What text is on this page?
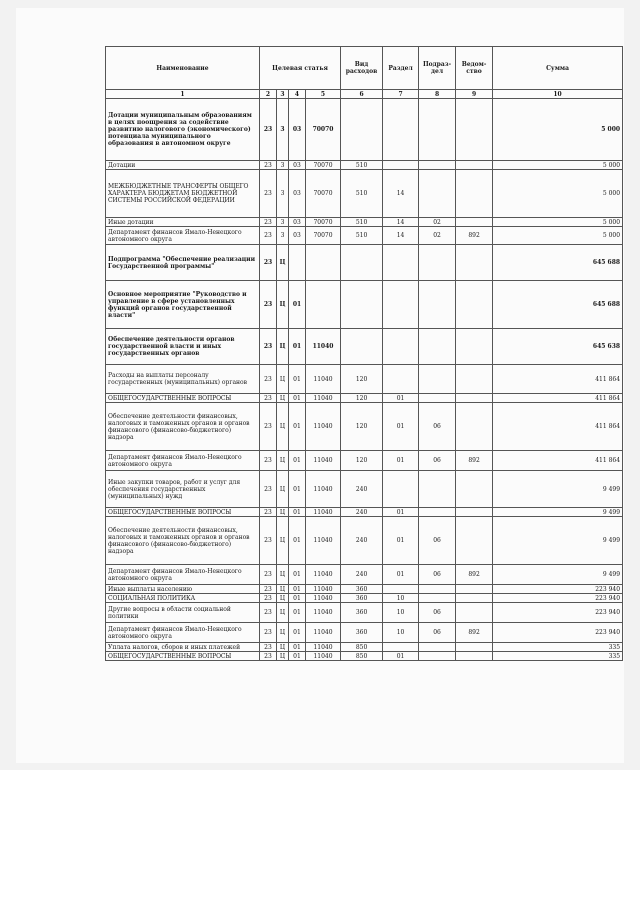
Наименование	Целевая статья				Вид расходов	Раздел	Подраз-дел	Ведом-ство	Сумма
1	2	3	4	5	6	7	8	9	10
Дотации муниципальным образованиям в целях поощрения за содействие развитию налогового (экономического) потенциала муниципального образования в автономном округе	23	3	03	70070					5 000
Дотации	23	3	03	70070	510				5 000
МЕЖБЮДЖЕТНЫЕ ТРАНСФЕРТЫ ОБЩЕГО ХАРАКТЕРА БЮДЖЕТАМ БЮДЖЕТНОЙ СИСТЕМЫ РОССИЙСКОЙ ФЕДЕРАЦИИ	23	3	03	70070	510	14			5 000
Иные дотации	23	3	03	70070	510	14	02		5 000
Департамент финансов Ямало-Ненецкого автономного округа	23	3	03	70070	510	14	02	892	5 000
Подпрограмма "Обеспечение реализации Государственной программы"	23	Ц							645 688
Основное мероприятие "Руководство и управление в сфере установленных функций органов государственной власти"	23	Ц	01						645 688
Обеспечение деятельности органов государственной власти и иных государственных органов	23	Ц	01	11040					645 638
Расходы на выплаты персоналу государственных (муниципальных) органов	23	Ц	01	11040	120				411 864
ОБЩЕГОСУДАРСТВЕННЫЕ ВОПРОСЫ	23	Ц	01	11040	120	01			411 864
Обеспечение деятельности финансовых, налоговых и таможенных органов и органов финансового (финансово-бюджетного) надзора	23	Ц	01	11040	120	01	06		411 864
Департамент финансов Ямало-Ненецкого автономного округа	23	Ц	01	11040	120	01	06	892	411 864
Иные закупки товаров, работ и услуг для обеспечения государственных (муниципальных) нужд	23	Ц	01	11040	240				9 499
ОБЩЕГОСУДАРСТВЕННЫЕ ВОПРОСЫ	23	Ц	01	11040	240	01			9 499
Обеспечение деятельности финансовых, налоговых и таможенных органов и органов финансового (финансово-бюджетного) надзора	23	Ц	01	11040	240	01	06		9 499
Департамент финансов Ямало-Ненецкого автономного округа	23	Ц	01	11040	240	01	06	892	9 499
Иные выплаты населению	23	Ц	01	11040	360				223 940
СОЦИАЛЬНАЯ ПОЛИТИКА	23	Ц	01	11040	360	10			223 940
Другие вопросы в области социальной политики	23	Ц	01	11040	360	10	06		223 940
Департамент финансов Ямало-Ненецкого автономного округа	23	Ц	01	11040	360	10	06	892	223 940
Уплата налогов, сборов и иных платежей	23	Ц	01	11040	850				335
ОБЩЕГОСУДАРСТВЕННЫЕ ВОПРОСЫ	23	Ц	01	11040	850	01			335
